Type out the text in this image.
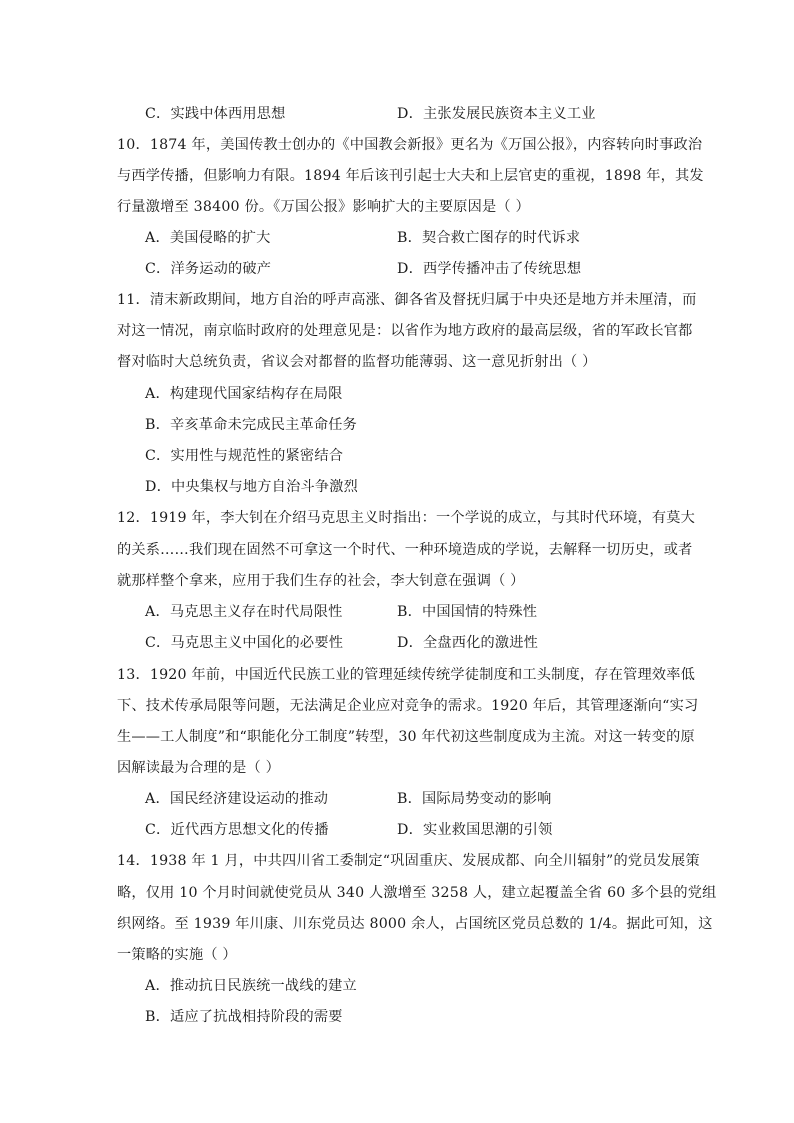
C．实践中体西用思想	D．主张发展民族资本主义工业
10．1874 年，美国传教士创办的《中国教会新报》更名为《万国公报》，内容转向时事政治
与西学传播，但影响力有限。1894 年后该刊引起士大夫和上层官吏的重视，1898 年，其发
行量激增至 38400 份。《万国公报》影响扩大的主要原因是（ ）
A．美国侵略的扩大	B．契合救亡图存的时代诉求
C．洋务运动的破产	D．西学传播冲击了传统思想
11．清末新政期间，地方自治的呼声高涨、御各省及督抚归属于中央还是地方并未厘清，而
对这一情况，南京临时政府的处理意见是：以省作为地方政府的最高层级，省的军政长官都
督对临时大总统负责，省议会对都督的监督功能薄弱、这一意见折射出（ ）
A．构建现代国家结构存在局限
B．辛亥革命未完成民主革命任务
C．实用性与规范性的紧密结合
D．中央集权与地方自治斗争激烈
12．1919 年，李大钊在介绍马克思主义时指出：一个学说的成立，与其时代环境，有莫大
的关系……我们现在固然不可拿这一个时代、一种环境造成的学说，去解释一切历史，或者
就那样整个拿来，应用于我们生存的社会，李大钊意在强调（ ）
A．马克思主义存在时代局限性	B．中国国情的特殊性
C．马克思主义中国化的必要性	D．全盘西化的激进性
13．1920 年前，中国近代民族工业的管理延续传统学徒制度和工头制度，存在管理效率低
下、技术传承局限等问题，无法满足企业应对竞争的需求。1920 年后，其管理逐渐向“实习
生——工人制度”和“职能化分工制度”转型，30 年代初这些制度成为主流。对这一转变的原
因解读最为合理的是（ ）
A．国民经济建设运动的推动	B．国际局势变动的影响
C．近代西方思想文化的传播	D．实业救国思潮的引领
14．1938 年 1 月，中共四川省工委制定“巩固重庆、发展成都、向全川辐射”的党员发展策
略，仅用 10 个月时间就使党员从 340 人激增至 3258 人，建立起覆盖全省 60 多个县的党组
织网络。至 1939 年川康、川东党员达 8000 余人，占国统区党员总数的 1/4。据此可知，这
一策略的实施（ ）
A．推动抗日民族统一战线的建立
B．适应了抗战相持阶段的需要
